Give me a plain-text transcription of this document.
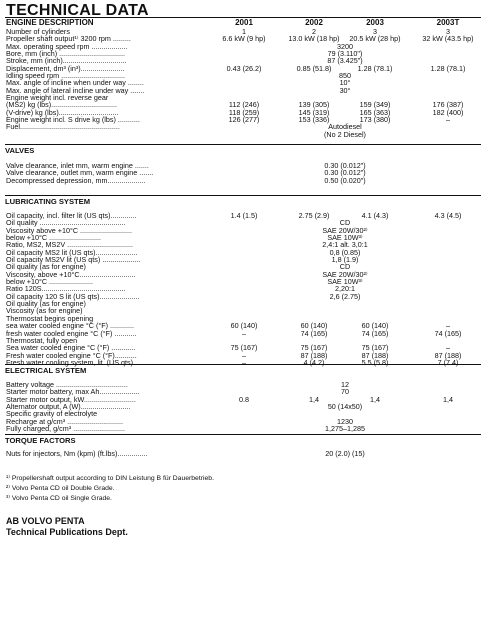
TECHNICAL DATA
ENGINE DESCRIPTION	2001	2002	2003	2003T
Number of cylinders	1	2	3	3
Propeller shaft output¹⁾ 3200 rpm .........	6.6 kW (9 hp)	13.0 kW (18 hp)	20.5 kW (28 hp)	32 kW (43.5 hp)
Max. operating speed rpm ..................	3200
Bore, mm (inch) .................................	79 (3.110")
Stroke, mm (inch)................................	87 (3.425")
Displacement, dm³ (in³)......................	0.43 (26.2)	0.85 (51.8)	1.28 (78.1)	1.28 (78.1)
Idling speed rpm ................................	850
Max. angle of incline when under way ........	10°
Max. angle of lateral incline under way .......	30°
Engine weight incl. reverse gear
(MS2) kg (lbs).................................	112 (246)	139 (305)	159 (349)	176 (387)
(V-drive) kg (lbs)..............................	118 (259)	145 (319)	165 (363)	182 (400)
Engine weight incl. S drive kg (lbs) ...........	126 (277)	153 (336)	173 (380)	–
Fuel..................................................	Autodiesel
(No 2 Diesel)
VALVES
Valve clearance, inlet mm, warm engine .......	0.30 (0.012")
Valve clearance, outlet mm, warm engine .......	0.30 (0.012")
Decompressed depression, mm...................	0.50 (0.020")
LUBRICATING SYSTEM
Oil capacity, incl. filter lit (US qts).............	1.4 (1.5)	2.75 (2.9)	4.1 (4.3)	4.3 (4.5)
Oil quality ...........................................	CD
Viscosity above +10°C ..........................	SAE 20W/30²⁾
below +10°C ..........................	SAE 10W³⁾
Ratio, MS2, MS2V .................................	2,4:1 alt. 3,0:1
Oil capacity MS2 lit (US qts).....................	0,8 (0.85)
Oil capacity MS2V lit (US qts) ...................	1,8 (1.9)
Oil quality (as for engine)	CD
Viscosity, above +10°C............................	SAE 20W/30²⁾
below +10°C ......................	SAE 10W³⁾
Ratio 120S..........................................	2,20:1
Oil capacity 120 S lit (US qts)....................	2,6 (2.75)
Oil quality (as for engine)
Viscosity (as for engine)
Thermostat begins opening
sea water cooled engine °C (°F) ............	60 (140)	60 (140)	60 (140)	–
fresh water cooled engine °C (°F) ...........	–	74 (165)	74 (165)	74 (165)
Thermostat, fully open
Sea water cooled engine °C (°F) ............	75 (167)	75 (167)	75 (167)	–
Fresh water cooled engine °C (°F)...........	–	87 (188)	87 (188)	87 (188)
Fresh water cooling system, lit. (US qts) .......	–	4 (4.2)	5.5 (5.8)	7 (7.4)
ELECTRICAL SYSTEM
Battery voltage ....................................	12
Starter motor battery, max Ah....................	70
Starter motor output, kW..........................	0.8	1,4	1,4	1,4
Alternator output, A (W).........................	50 (14x50)
Specific gravity of electrolyte
Recharge at g/cm³ ............................	1230
Fully charged, g/cm³ ..........................	1,275–1,285
TORQUE FACTORS
Nuts for injectors, Nm (kpm) (ft.lbs)...............	20 (2.0) (15)
¹⁾ Propellershaft output according to DIN Leistung B für Dauerbetrieb.
²⁾ Volvo Penta CD oil Double Grade.
³⁾ Volvo Penta CD oil Single Grade.
AB VOLVO PENTA
Technical Publications Dept.
